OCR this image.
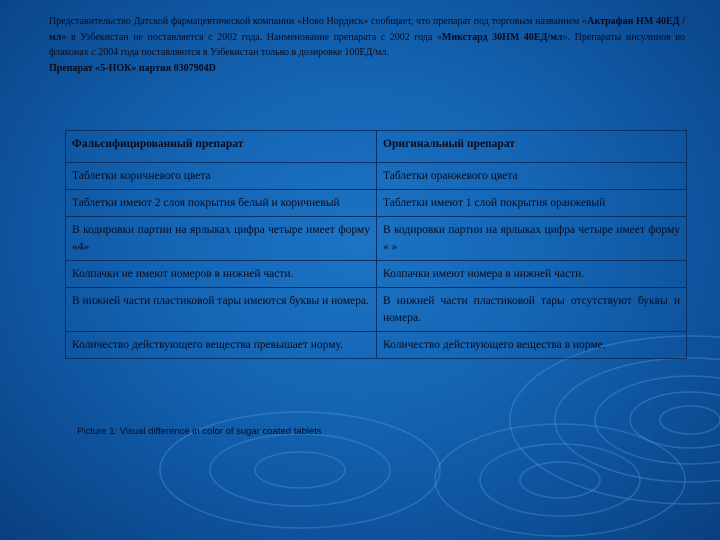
Представительство Датской фармацевтической компании «Ново Нордиск» сообщает, что препарат под торговым названием «Актрафан НМ 40ЕД /мл» в Узбекистан не поставляется с 2002 года. Наименование препарата с 2002 года «Микстард 30НМ 40ЕД/мл». Препараты инсулинов во флаконах с 2004 года поставляются в Узбекистан только в дозировке 100ЕД/мл.
Препарат «5-НОК» партия 0307904D
Фальсифицированный препарат	Оригинальный препарат
Таблетки коричневого цвета	Таблетки оранжевого цвета
Таблетки имеют 2 слоя покрытия белый и коричневый	Таблетки имеют 1 слой покрытия оранжевый
В кодировки партии на ярлыках цифра четыре имеет форму «4»	В кодировки партии на ярлыках цифра четыре имеет форму « »
Колпачки не имеют номеров в нижней части.	Колпачки имеют номера в нижней части.
В нижней части пластиковой тары имеются буквы и номера.	В нижней части пластиковой тары отсутствуют буквы и номера.
Количество действующего вещества превышает норму.	Количество действующего вещества в норме.
Picture 1: Visual difference in color of sugar coated tablets
